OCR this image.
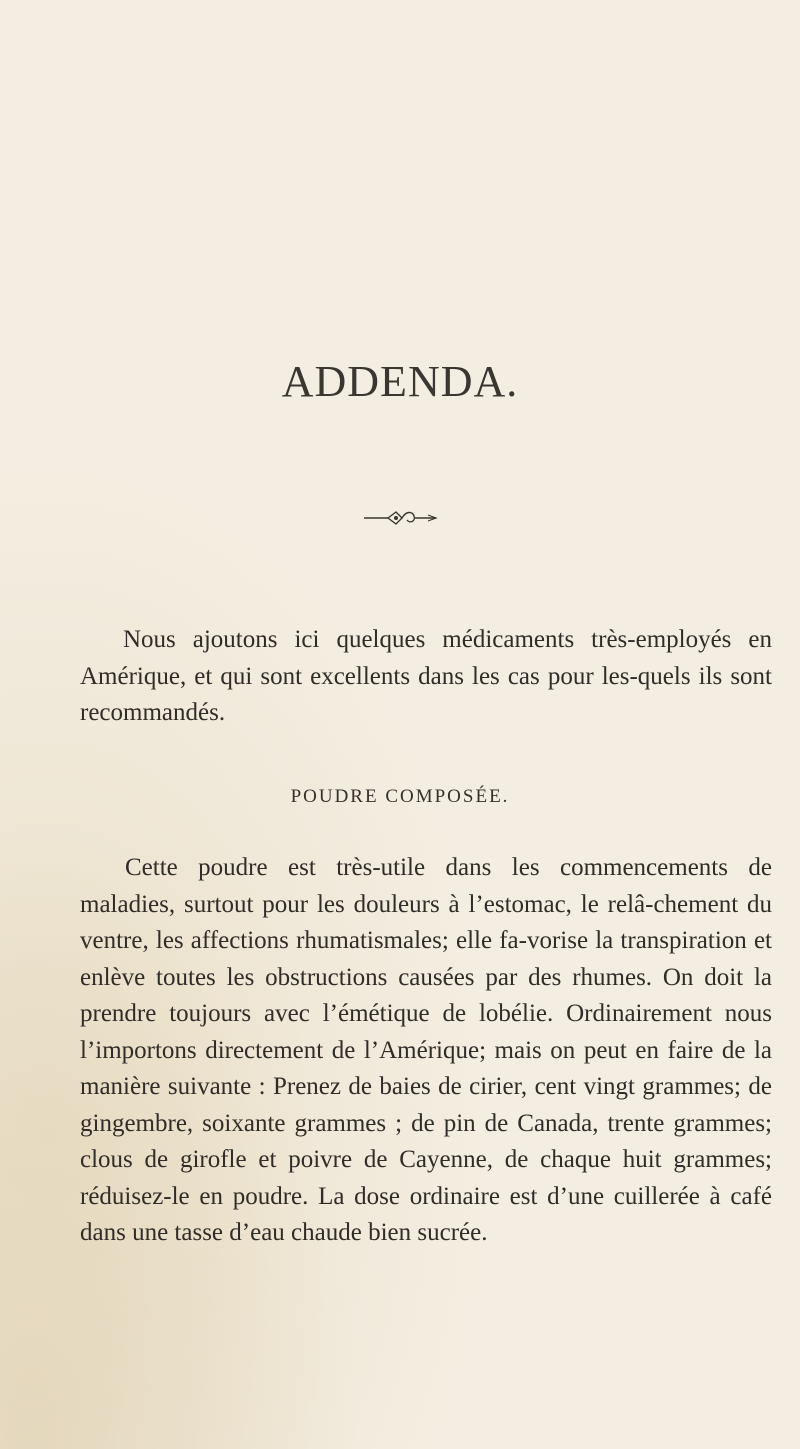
ADDENDA.

Nous ajoutons ici quelques médicaments très-employés en Amérique, et qui sont excellents dans les cas pour les-quels ils sont recommandés.

POUDRE COMPOSÉE.

Cette poudre est très-utile dans les commencements de maladies, surtout pour les douleurs à l’estomac, le relâ-chement du ventre, les affections rhumatismales; elle fa-vorise la transpiration et enlève toutes les obstructions causées par des rhumes. On doit la prendre toujours avec l’émétique de lobélie. Ordinairement nous l’importons directement de l’Amérique; mais on peut en faire de la manière suivante : Prenez de baies de cirier, cent vingt grammes; de gingembre, soixante grammes ; de pin de Canada, trente grammes; clous de girofle et poivre de Cayenne, de chaque huit grammes; réduisez-le en poudre. La dose ordinaire est d’une cuillerée à café dans une tasse d’eau chaude bien sucrée.
